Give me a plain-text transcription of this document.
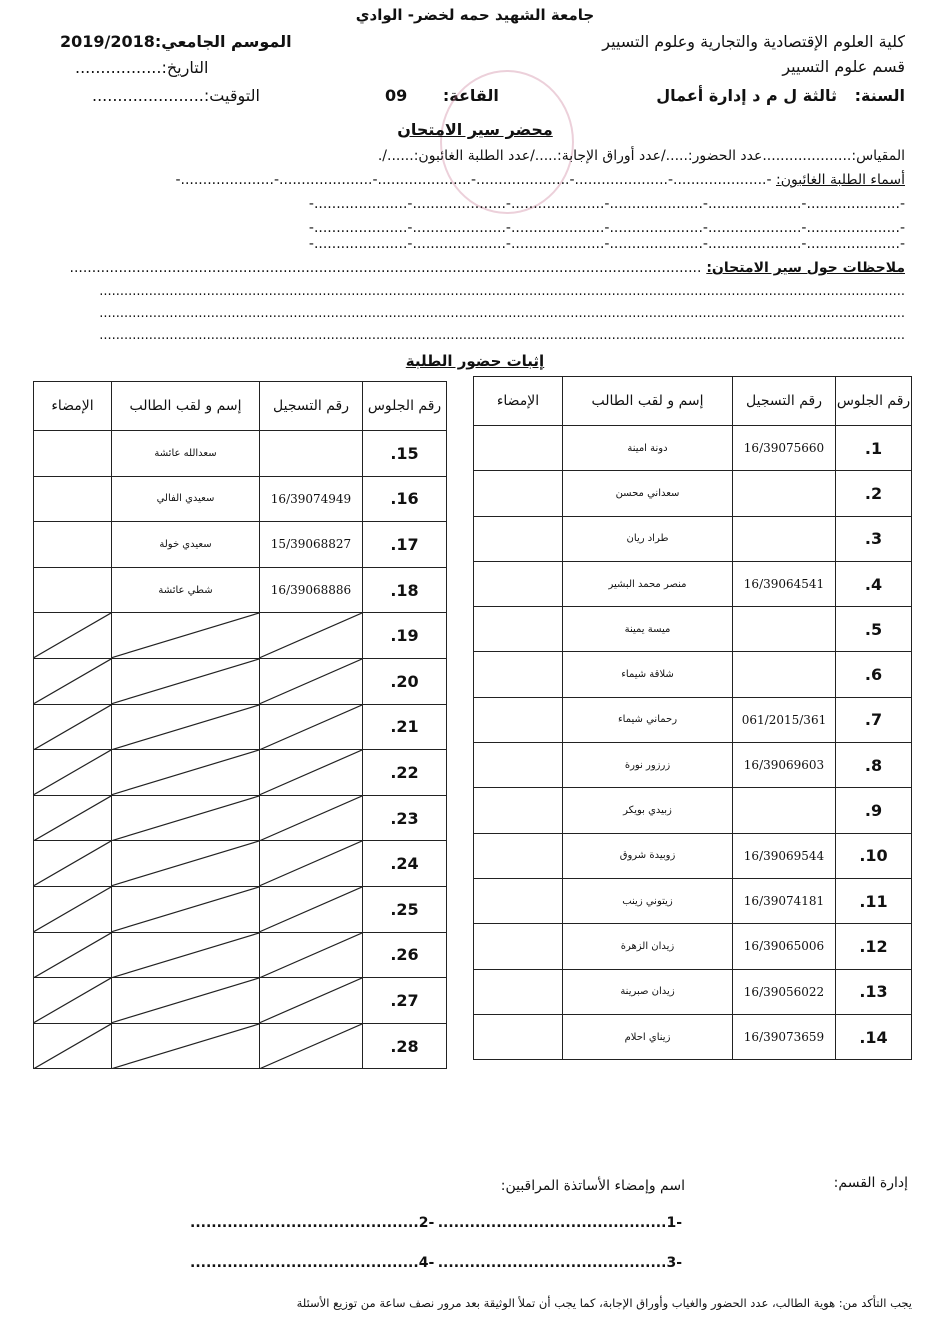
جامعة الشهيد حمه لخضر- الوادي
كلية العلوم الإقتصادية والتجارية وعلوم التسيير
قسم علوم التسيير
السنة: ثالثة ل م د إدارة أعمال
القاعة: 09
الموسم الجامعي:2019/2018
التاريخ:.................
التوقيت:......................
محضر سير الامتحان
المقياس:....................عدد الحضور:...../عدد أوراق الإجابة:...../عدد الطلبة الغائبون:....../.
أسماء الطلبة الغائبون: -.....................-.....................-.....................-.....................-.....................-.....................-
-.....................-.....................-.....................-.....................-.....................-.....................-
-.....................-.....................-.....................-.....................-.....................-.....................-
-.....................-.....................-.....................-.....................-.....................-.....................-
ملاحظات حول سير الامتحان: ..............................................................................................................................................
...................................................................................................................................................................................................
...................................................................................................................................................................................................
...................................................................................................................................................................................................
إثبات حضور الطلبة
رقم الجلوس	رقم التسجيل	إسم و لقب الطالب	الإمضاء
1.	16/39075660	دونة امينة	
2.		سعداني محسن	
3.		طراد ريان	
4.	16/39064541	منصر محمد البشير	
5.		ميسة يمينة	
6.		شلاقة شيماء	
7.	061/2015/361	رحماني شيماء	
8.	16/39069603	زرزور نورة	
9.		زبيدي بويكر	
10.	16/39069544	زوبيدة شروق	
11.	16/39074181	زيتوني زينب	
12.	16/39065006	زيدان الزهرة	
13.	16/39056022	زيدان صبرينة	
14.	16/39073659	زيناي احلام	
رقم الجلوس	رقم التسجيل	إسم و لقب الطالب	الإمضاء
15.		سعدالله عائشة	
16.	16/39074949	سعيدي الفالي	
17.	15/39068827	سعيدي خولة	
18.	16/39068886	شطي عائشة	
19.	

20.	

21.	

22.	

23.	

24.	

25.	

26.	

27.	

28.	

إدارة القسم:
اسم وإمضاء الأساتذة المراقبين:
-1...........................................
-2...........................................
-3...........................................
-4...........................................
يجب التأكد من: هوية الطالب، عدد الحضور والغياب وأوراق الإجابة، كما يجب أن تملأ الوثيقة بعد مرور نصف ساعة من توزيع الأسئلة
